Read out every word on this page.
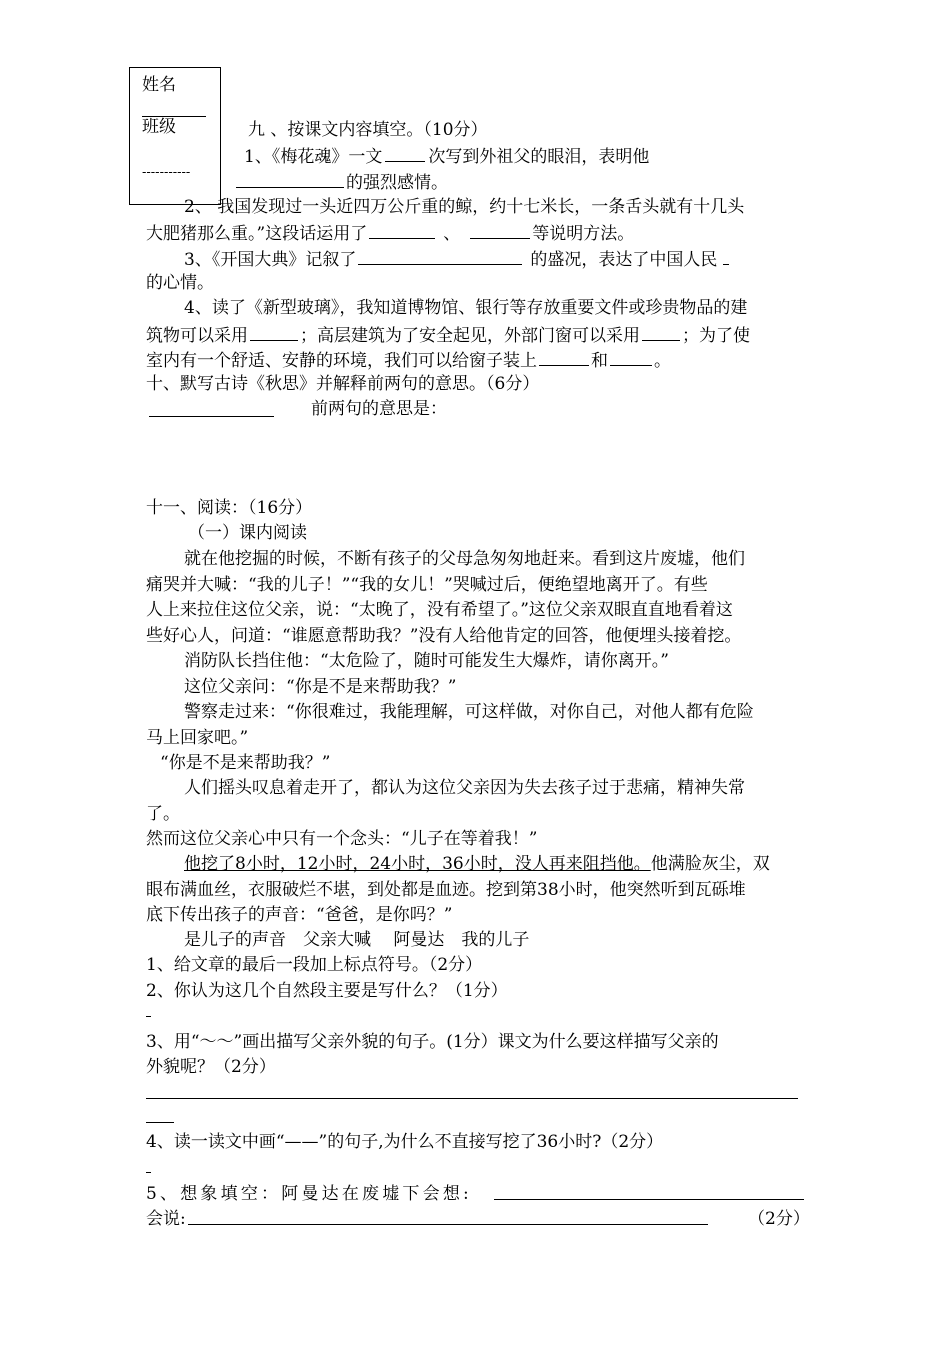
姓名
班级
-----------
九 、按课文内容填空。（10分）
1、《梅花魂》一文	次写到外祖父的眼泪，表明他
的强烈感情。
2、 我国发现过一头近四万公斤重的鲸，约十七米长，一条舌头就有十几头
大肥猪那么重。”这段话运用了	、	等说明方法。
3、《开国大典》记叙了	的盛况，表达了中国人民
的心情。
4、读了《新型玻璃》，我知道博物馆、银行等存放重要文件或珍贵物品的建
筑物可以采用	；高层建筑为了安全起见，外部门窗可以采用 ；为了使
室内有一个舒适、安静的环境，我们可以给窗子装上	和	。
十、默写古诗《秋思》并解释前两句的意思。（6分）
前两句的意思是：
十一、阅读：（16分）
（一）课内阅读
就在他挖掘的时候，不断有孩子的父母急匆匆地赶来。看到这片废墟，他们
痛哭并大喊：“我的儿子！”“我的女儿！”哭喊过后，便绝望地离开了。有些
人上来拉住这位父亲，说：“太晚了，没有希望了。”这位父亲双眼直直地看着这
些好心人，问道：“谁愿意帮助我？”没有人给他肯定的回答，他便埋头接着挖。
消防队长挡住他：“太危险了，随时可能发生大爆炸，请你离开。”
这位父亲问：“你是不是来帮助我？”
警察走过来：“你很难过，我能理解，可这样做，对你自己，对他人都有危险
马上回家吧。”
“你是不是来帮助我？”
人们摇头叹息着走开了，都认为这位父亲因为失去孩子过于悲痛，精神失常
了。
然而这位父亲心中只有一个念头：“儿子在等着我！”
他挖了8小时，12小时，24小时，36小时，没人再来阻挡他。他满脸灰尘，双
眼布满血丝，衣服破烂不堪，到处都是血迹。挖到第38小时，他突然听到瓦砾堆
底下传出孩子的声音：“爸爸，是你吗？”
是儿子的声音　父亲大喊　 阿曼达　我的儿子
1、给文章的最后一段加上标点符号。（2分）
2、你认为这几个自然段主要是写什么？（1分）
3、用“～～”画出描写父亲外貌的句子。(1分）课文为什么要这样描写父亲的
外貌呢？（2分）
4、读一读文中画“——”的句子,为什么不直接写挖了36小时?（2分）
5、想象填空：阿曼达在废墟下会想:
会说:	（2分）
